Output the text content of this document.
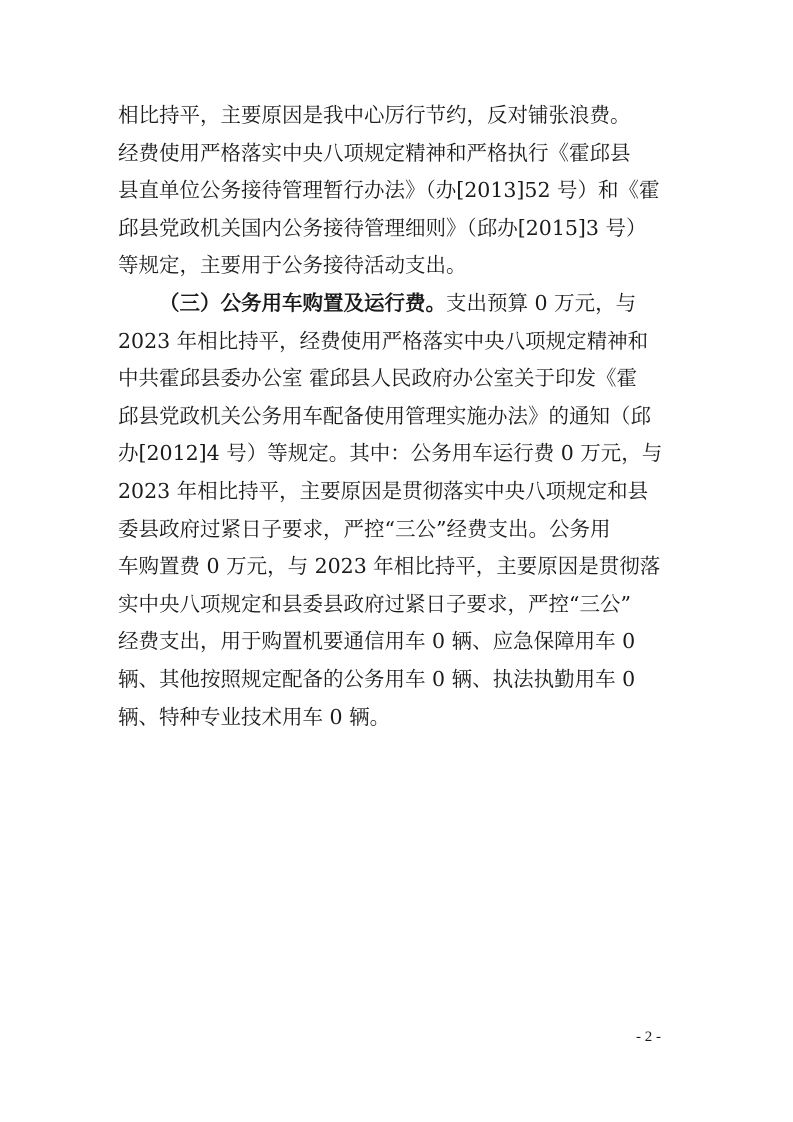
相比持平，主要原因是我中心厉行节约，反对铺张浪费。
经费使用严格落实中央八项规定精神和严格执行《霍邱县
县直单位公务接待管理暂行办法》（办[2013]52 号）和《霍
邱县党政机关国内公务接待管理细则》（邱办[2015]3 号）
等规定，主要用于公务接待活动支出。
（三）公务用车购置及运行费。支出预算 0 万元，与
2023 年相比持平，经费使用严格落实中央八项规定精神和
中共霍邱县委办公室 霍邱县人民政府办公室关于印发《霍
邱县党政机关公务用车配备使用管理实施办法》的通知（邱
办[2012]4 号）等规定。其中：公务用车运行费 0 万元，与
2023 年相比持平，主要原因是贯彻落实中央八项规定和县
委县政府过紧日子要求，严控“三公”经费支出。公务用
车购置费 0 万元，与 2023 年相比持平，主要原因是贯彻落
实中央八项规定和县委县政府过紧日子要求，严控“三公”
经费支出，用于购置机要通信用车 0 辆、应急保障用车 0
辆、其他按照规定配备的公务用车 0 辆、执法执勤用车 0
辆、特种专业技术用车 0 辆。
- 2 -
